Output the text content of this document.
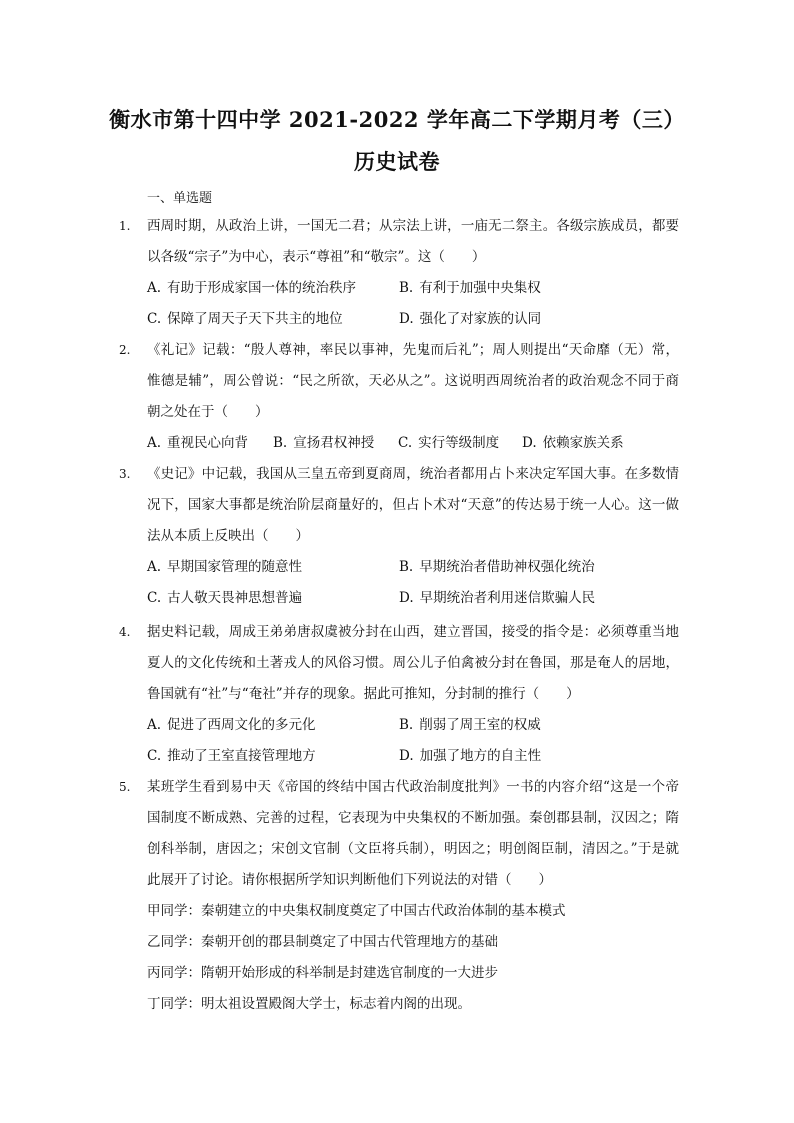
衡水市第十四中学 2021-2022 学年高二下学期月考（三）
历史试卷
一、单选题
1.	西周时期，从政治上讲，一国无二君；从宗法上讲，一庙无二祭主。各级宗族成员，都要以各级“宗子”为中心，表示“尊祖”和“敬宗”。这（　　）
A. 有助于形成家国一体的统治秩序	B. 有利于加强中央集权
C. 保障了周天子天下共主的地位	D. 强化了对家族的认同
2.	《礼记》记载：“殷人尊神，率民以事神，先鬼而后礼”；周人则提出“天命靡（无）常，惟德是辅”，周公曾说：“民之所欲，天必从之”。这说明西周统治者的政治观念不同于商朝之处在于（　　）
A. 重视民心向背 B. 宣扬君权神授 C. 实行等级制度 D. 依赖家族关系
3.	《史记》中记载，我国从三皇五帝到夏商周，统治者都用占卜来决定军国大事。在多数情况下，国家大事都是统治阶层商量好的，但占卜术对“天意”的传达易于统一人心。这一做法从本质上反映出（　　）
A. 早期国家管理的随意性	B. 早期统治者借助神权强化统治
C. 古人敬天畏神思想普遍	D. 早期统治者利用迷信欺骗人民
4.	据史料记载，周成王弟弟唐叔虞被分封在山西，建立晋国，接受的指令是：必须尊重当地夏人的文化传统和土著戎人的风俗习惯。周公儿子伯禽被分封在鲁国，那是奄人的居地，鲁国就有“社”与“奄社”并存的现象。据此可推知，分封制的推行（　　）
A. 促进了西周文化的多元化	B. 削弱了周王室的权威
C. 推动了王室直接管理地方	D. 加强了地方的自主性
5.	某班学生看到易中天《帝国的终结中国古代政治制度批判》一书的内容介绍“这是一个帝国制度不断成熟、完善的过程，它表现为中央集权的不断加强。秦创郡县制，汉因之；隋创科举制，唐因之；宋创文官制（文臣将兵制），明因之；明创阁臣制，清因之。”于是就此展开了讨论。请你根据所学知识判断他们下列说法的对错（　　）
甲同学：秦朝建立的中央集权制度奠定了中国古代政治体制的基本模式
乙同学：秦朝开创的郡县制奠定了中国古代管理地方的基础
丙同学：隋朝开始形成的科举制是封建选官制度的一大进步
丁同学：明太祖设置殿阁大学士，标志着内阁的出现。
